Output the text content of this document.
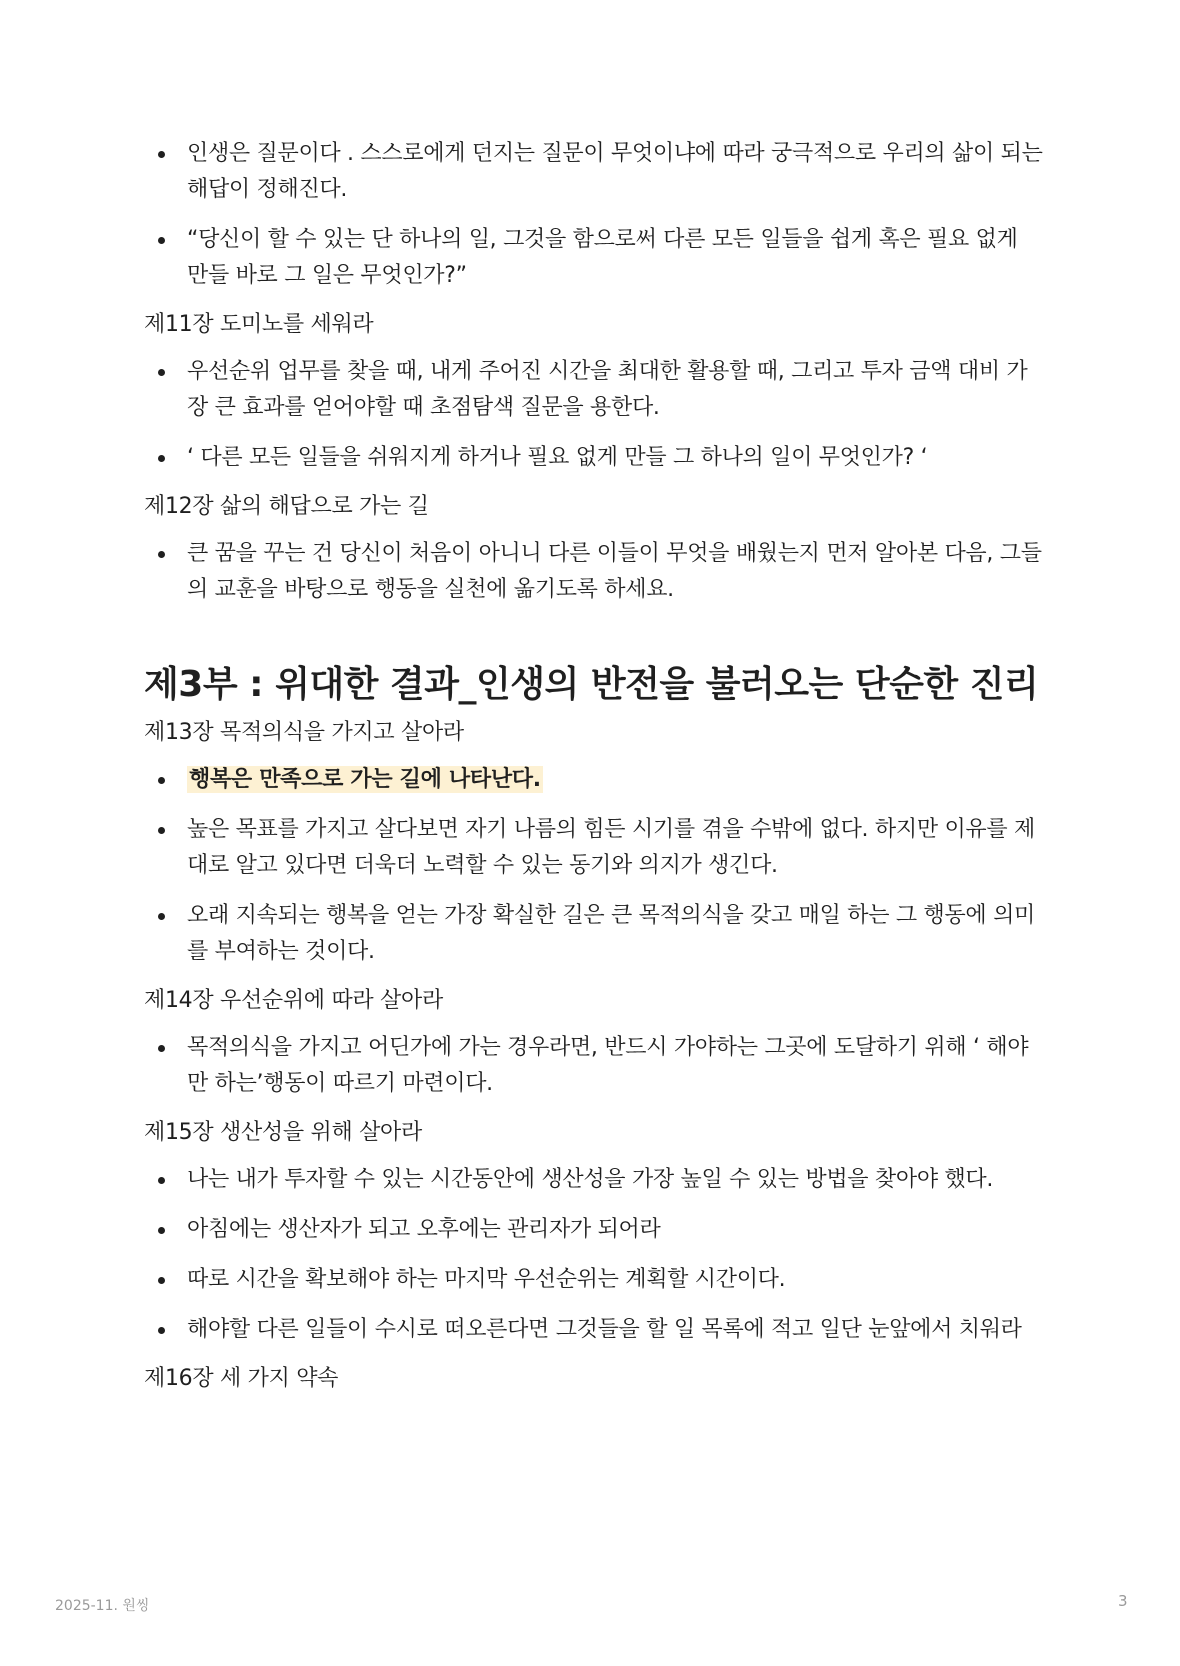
인생은 질문이다 . 스스로에게 던지는 질문이 무엇이냐에 따라 궁극적으로 우리의 삶이 되는 해답이 정해진다.
“당신이 할 수 있는 단 하나의 일, 그것을 함으로써 다른 모든 일들을 쉽게 혹은 필요 없게 만들 바로 그 일은 무엇인가?”
제11장 도미노를 세워라
우선순위 업무를 찾을 때, 내게 주어진 시간을 최대한 활용할 때, 그리고 투자 금액 대비 가장 큰 효과를 얻어야할 때 초점탐색 질문을 용한다.
‘ 다른 모든 일들을 쉬워지게 하거나 필요 없게 만들 그 하나의 일이 무엇인가? ‘
제12장 삶의 해답으로 가는 길
큰 꿈을 꾸는 건 당신이 처음이 아니니 다른 이들이 무엇을 배웠는지 먼저 알아본 다음, 그들의 교훈을 바탕으로 행동을 실천에 옮기도록 하세요.
제3부 : 위대한 결과_인생의 반전을 불러오는 단순한 진리
제13장 목적의식을 가지고 살아라
행복은 만족으로 가는 길에 나타난다.
높은 목표를 가지고 살다보면 자기 나름의 힘든 시기를 겪을 수밖에 없다. 하지만 이유를 제대로 알고 있다면 더욱더 노력할 수 있는 동기와 의지가 생긴다.
오래 지속되는 행복을 얻는 가장 확실한 길은 큰 목적의식을 갖고 매일 하는 그 행동에 의미를 부여하는 것이다.
제14장 우선순위에 따라 살아라
목적의식을 가지고 어딘가에 가는 경우라면, 반드시 가야하는 그곳에 도달하기 위해 ‘ 해야만 하는’행동이 따르기 마련이다.
제15장 생산성을 위해 살아라
나는 내가 투자할 수 있는 시간동안에 생산성을 가장 높일 수 있는 방법을 찾아야 했다.
아침에는 생산자가 되고 오후에는 관리자가 되어라
따로 시간을 확보해야 하는 마지막 우선순위는 계획할 시간이다.
해야할 다른 일들이 수시로 떠오른다면 그것들을 할 일 목록에 적고 일단 눈앞에서 치워라
제16장 세 가지 약속
2025-11. 원씽	3
